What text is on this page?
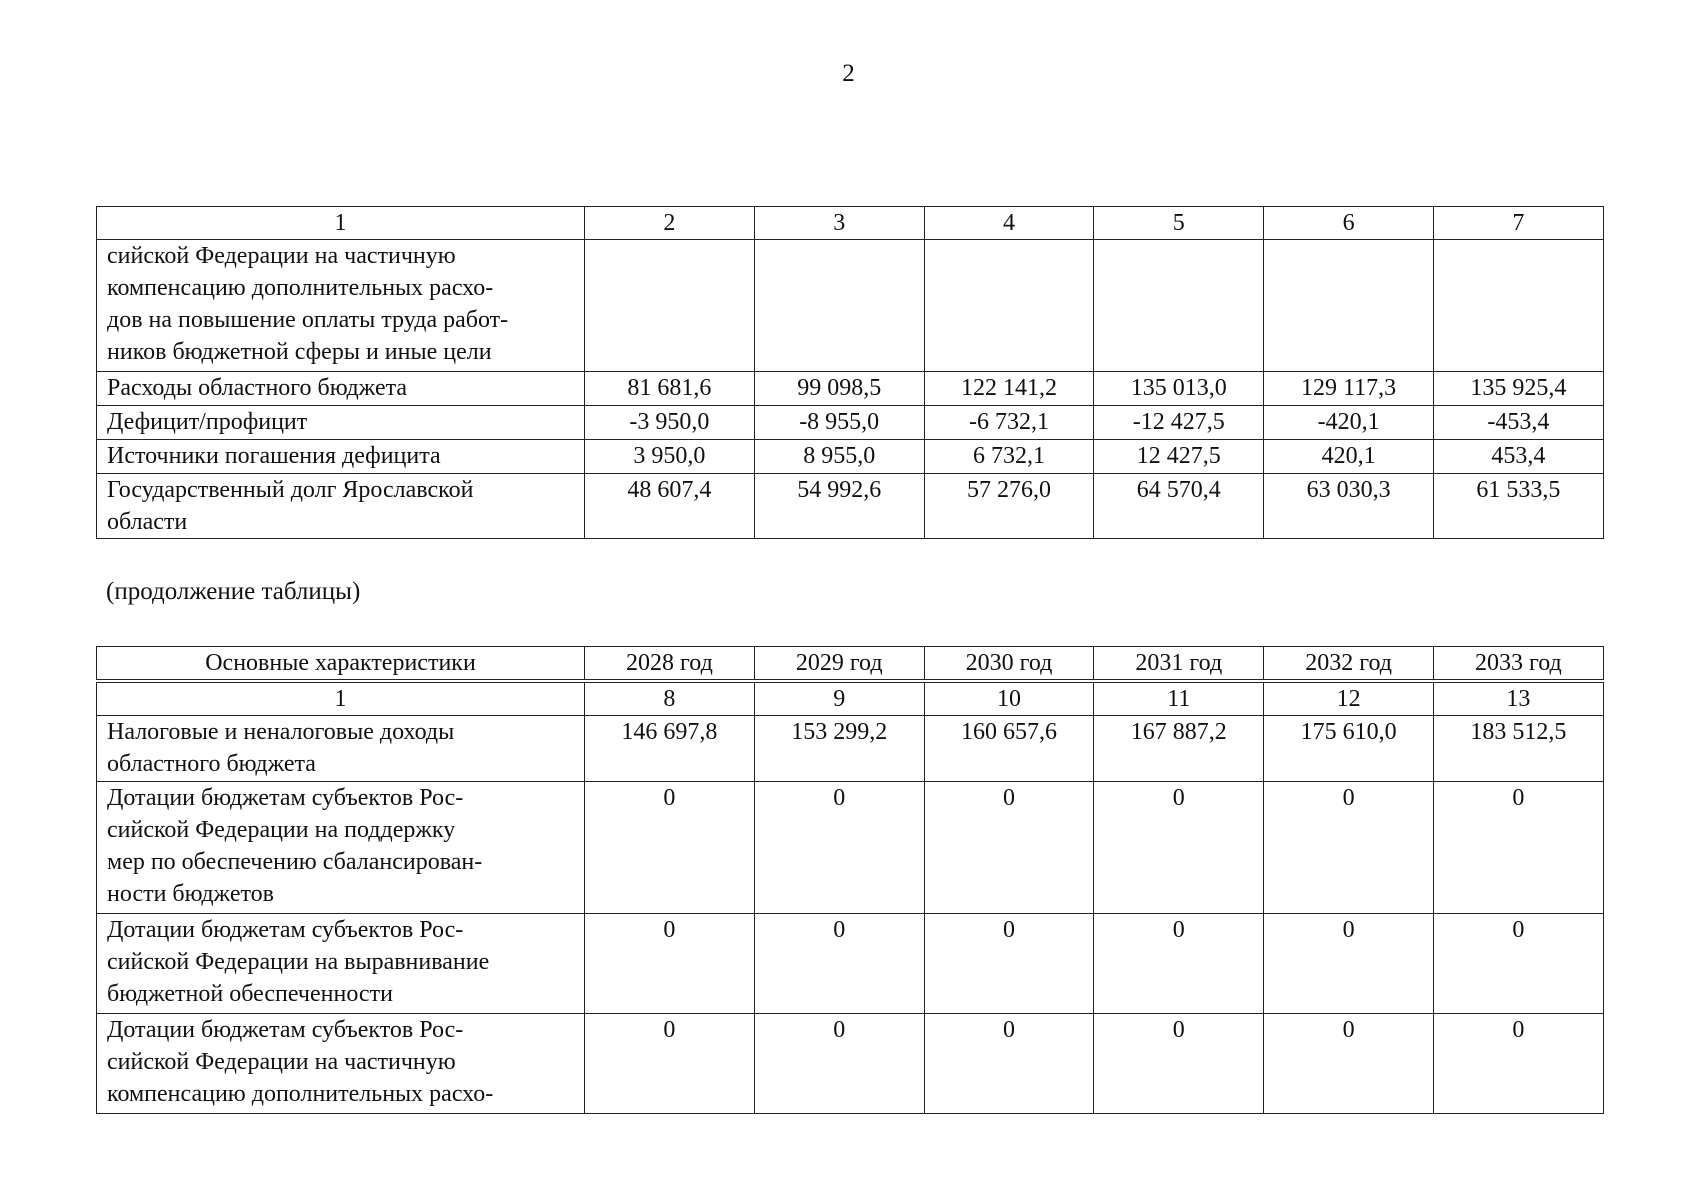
2
1	2	3	4	5	6	7

сийской Федерации на частичную
компенсацию дополнительных расхо-
дов на повышение оплаты труда работ-
ников бюджетной сферы и иные цели						

Расходы областного бюджета	81 681,6	99 098,5	122 141,2	135 013,0	129 117,3	135 925,4

Дефицит/профицит	-3 950,0	-8 955,0	-6 732,1	-12 427,5	-420,1	-453,4

Источники погашения дефицита	3 950,0	8 955,0	6 732,1	12 427,5	420,1	453,4

Государственный долг Ярославской
области	48 607,4	54 992,6	57 276,0	64 570,4	63 030,3	61 533,5
(продолжение таблицы)
Основные характеристики	2028 год	2029 год	2030 год	2031 год	2032 год	2033 год
1	8	9	10	11	12	13

Налоговые и неналоговые доходы
областного бюджета	146 697,8	153 299,2	160 657,6	167 887,2	175 610,0	183 512,5

Дотации бюджетам субъектов Рос-
сийской Федерации на поддержку
мер по обеспечению сбалансирован-
ности бюджетов	0	0	0	0	0	0

Дотации бюджетам субъектов Рос-
сийской Федерации на выравнивание
бюджетной обеспеченности	0	0	0	0	0	0

Дотации бюджетам субъектов Рос-
сийской Федерации на частичную
компенсацию дополнительных расхо-	0	0	0	0	0	0
